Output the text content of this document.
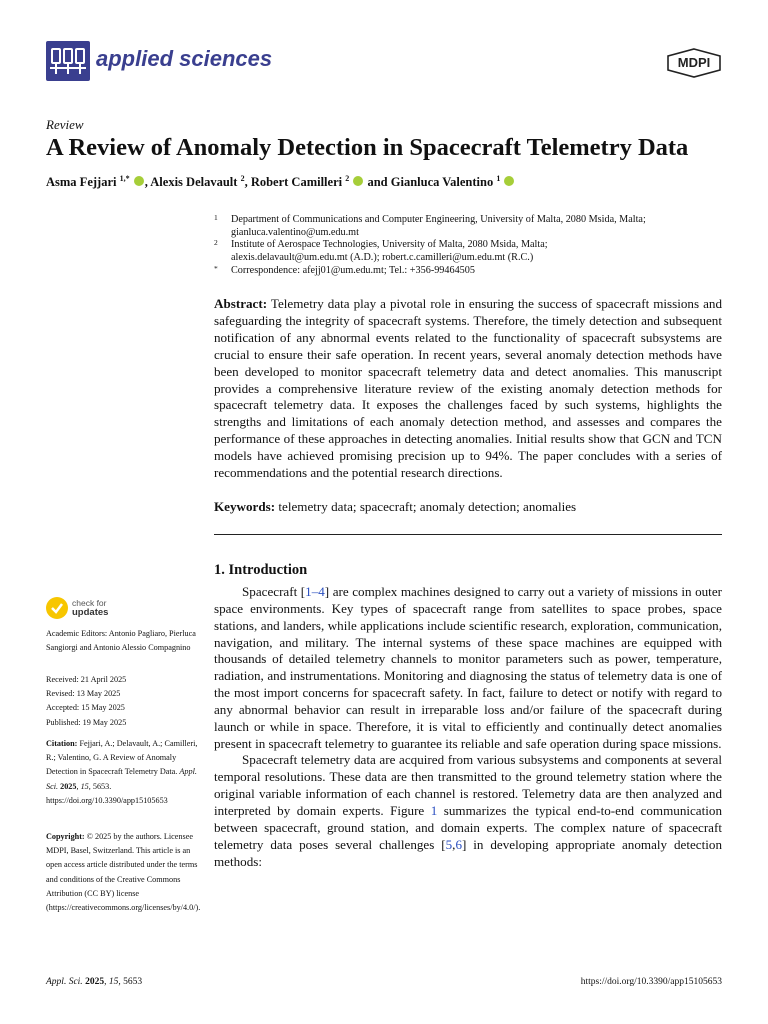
applied sciences	MDPI
Review
A Review of Anomaly Detection in Spacecraft Telemetry Data
Asma Fejjari $^{1,*}$ , Alexis Delavault $^2$, Robert Camilleri $^2$  and Gianluca Valentino $^1$
1 Department of Communications and Computer Engineering, University of Malta, 2080 Msida, Malta;
gianluca.valentino@um.edu.mt
2 Institute of Aerospace Technologies, University of Malta, 2080 Msida, Malta;
alexis.delavault@um.edu.mt (A.D.); robert.c.camilleri@um.edu.mt (R.C.)
* Correspondence: afejj01@um.edu.mt; Tel.: +356-99464505
Abstract: Telemetry data play a pivotal role in ensuring the success of spacecraft missions and safeguarding the integrity of spacecraft systems. Therefore, the timely detection and subsequent notification of any abnormal events related to the functionality of spacecraft subsystems are crucial to ensure their safe operation. In recent years, several anomaly detection methods have been developed to monitor spacecraft telemetry data and detect anomalies. This manuscript provides a comprehensive literature review of the existing anomaly detection methods for spacecraft telemetry data. It exposes the challenges faced by such systems, highlights the strengths and limitations of each anomaly detection method, and assesses and compares the performance of these approaches in detecting anomalies. Initial results show that GCN and TCN models have achieved promising precision up to 94%. The paper concludes with a series of recommendations and the potential research directions.
Keywords: telemetry data; spacecraft; anomaly detection; anomalies
1. Introduction

Spacecraft [1–4] are complex machines designed to carry out a variety of missions in outer space environments. Key types of spacecraft range from satellites to space probes, space stations, and landers, while applications include scientific research, exploration, communication, navigation, and military. The internal systems of these space machines are equipped with thousands of detailed telemetry channels to monitor parameters such as power, temperature, radiation, and instrumentations. Monitoring and diagnosing the status of telemetry data is one of the most import concerns for spacecraft safety. In fact, failure to detect or notify with regard to any abnormal behavior can result in irreparable loss and/or failure of the spacecraft during launch or while in space. Therefore, it is vital to efficiently and continually detect anomalies present in spacecraft telemetry to guarantee its reliable and safe operation during space missions.

Spacecraft telemetry data are acquired from various subsystems and components at several temporal resolutions. These data are then transmitted to the ground telemetry station where the original variable information of each channel is restored. Telemetry data are then analyzed and interpreted by domain experts. Figure 1 summarizes the typical end-to-end communication between spacecraft, ground station, and domain experts. The complex nature of spacecraft telemetry data poses several challenges [5,6] in developing appropriate anomaly detection methods:

check for
updates
Academic Editors: Antonio Pagliaro, Pierluca Sangiorgi and Antonio Alessio Compagnino
Received: 21 April 2025
Revised: 13 May 2025
Accepted: 15 May 2025
Published: 19 May 2025
Citation: Fejjari, A.; Delavault, A.; Camilleri, R.; Valentino, G. A Review of Anomaly Detection in Spacecraft Telemetry Data. Appl. Sci. 2025, 15, 5653. https://doi.org/10.3390/app15105653
Copyright: © 2025 by the authors. Licensee MDPI, Basel, Switzerland. This article is an open access article distributed under the terms and conditions of the Creative Commons Attribution (CC BY) license (https://creativecommons.org/licenses/by/4.0/).
Appl. Sci. 2025, 15, 5653	https://doi.org/10.3390/app15105653
